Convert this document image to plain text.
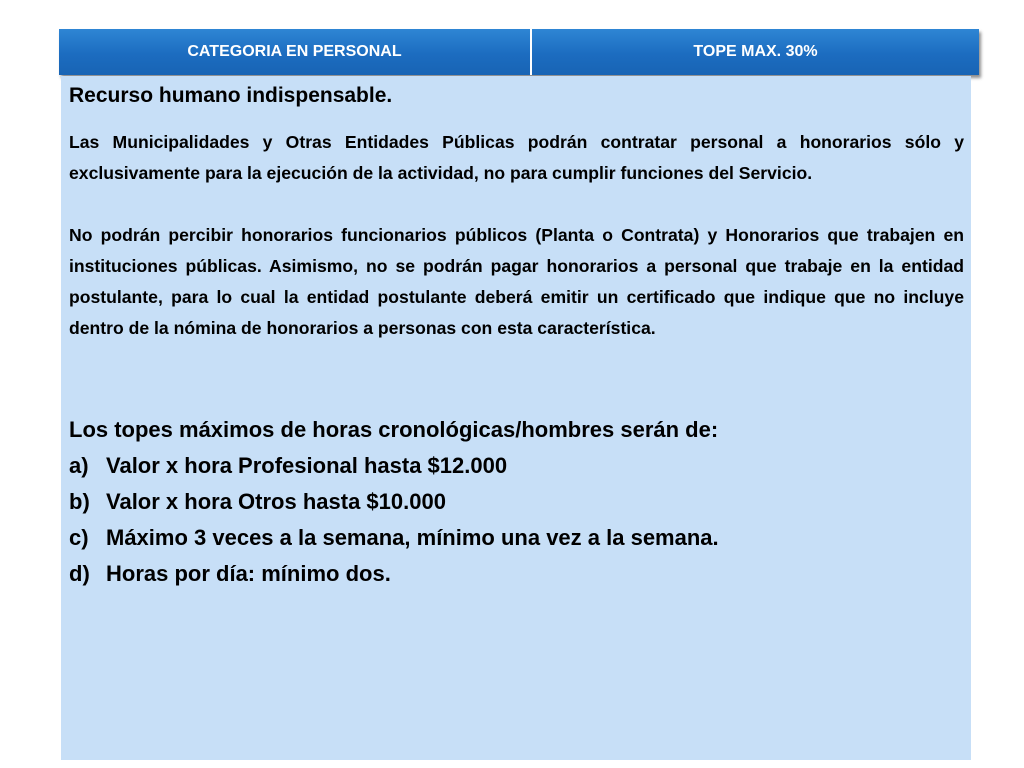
CATEGORIA EN PERSONAL	TOPE MAX. 30%
Recurso humano indispensable.

Las Municipalidades y Otras Entidades Públicas podrán contratar personal a honorarios sólo y exclusivamente para la ejecución de la actividad, no para cumplir funciones del Servicio.

No podrán percibir honorarios funcionarios públicos (Planta o Contrata) y Honorarios que trabajen en instituciones públicas. Asimismo, no se podrán pagar honorarios a personal que trabaje en la entidad postulante, para lo cual la entidad postulante deberá emitir un certificado que indique que no incluye dentro de la nómina de honorarios a personas con esta característica.

Los topes máximos de horas cronológicas/hombres serán de:
a) Valor x hora Profesional hasta $12.000
b) Valor x hora Otros hasta $10.000
c) Máximo 3 veces a la semana, mínimo una vez a la semana.
d) Horas por día: mínimo dos.
